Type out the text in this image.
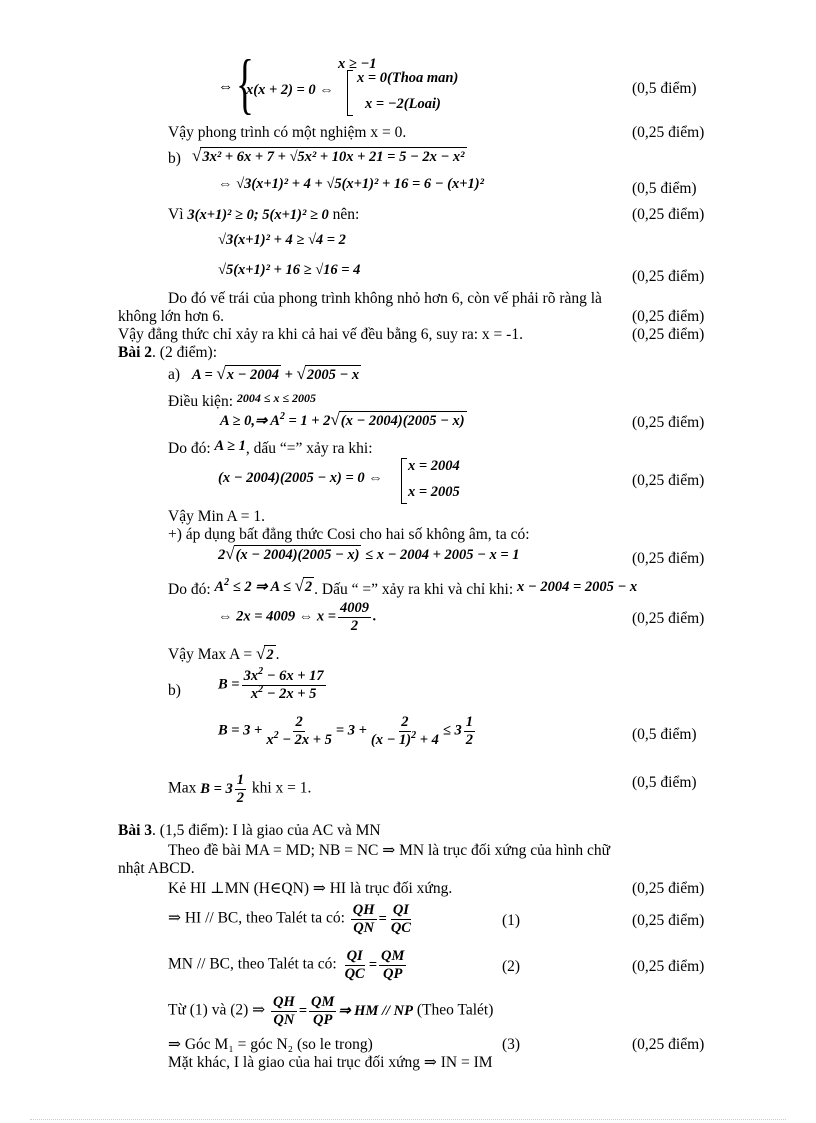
⇔ {	x ≥ −1
x(x + 2) = 0 ⇔
x = 0(Thoa man)
x = −2(Loai)
(0,5 điểm)
Vậy phong trình có một nghiệm x = 0.	(0,25 điểm)
b)
√	3x² + 6x + 7 + √5x² + 10x + 21 = 5 − 2x − x²
⇔ √3(x+1)² + 4 + √5(x+1)² + 16 = 6 − (x+1)²	(0,5 điểm)
Vì 3(x+1)² ≥ 0; 5(x+1)² ≥ 0 nên:	(0,25 điểm)
√3(x+1)² + 4 ≥ √4 = 2
√5(x+1)² + 16 ≥ √16 = 4	(0,25 điểm)
Do đó vế trái của phong trình không nhỏ hơn 6, còn vế phải rõ ràng là
không lớn hơn 6.	(0,25 điểm)
Vậy đẳng thức chỉ xảy ra khi cả hai vế đều bằng 6, suy ra: x = -1.	(0,25 điểm)
Bài 2. (2 điểm):
a) A = √ x − 2004 + √ 2005 − x
Điều kiện: $^{2004 \le x \le 2005}$
A ≥ 0,⇒ $A^2 = 1 + 2√$ (x − 2004)(2005 − x)	(0,25 điểm)
Do đó: A ≥ 1, dấu “=” xảy ra khi:
(x − 2004)(2005 − x) = 0 ⇔
x = 2004
x = 2005
(0,25 điểm)
Vậy Min A = 1.
+) áp dụng bất đẳng thức Cosi cho hai số không âm, ta có:
2√ (x − 2004)(2005 − x) ≤ x − 2004 + 2005 − x = 1	(0,25 điểm)
Do đó: $A^2 \le 2$ ⇒ A ≤ √ 2 . Dấu “ =” xảy ra khi và chỉ khi: x − 2004 = 2005 − x
⇔ 2x = 4009 ⇔ $x = \frac{4009}{2}$ .	(0,25 điểm)
Vậy Max A = √ 2 .
b)	$B = \frac{3x^2 - 6x + 17}{x^2 - 2x + 5}$
$B = 3 + \frac{2}{x^2 - 2x + 5} = 3 + \frac{2}{(x - 1)^2 + 4} \le 3 \frac{1}{2}$	(0,5 điểm)
Max $B = 3 \frac{1}{2}$ khi x = 1.	(0,5 điểm)
Bài 3. (1,5 điểm): I là giao của AC và MN
Theo đề bài MA = MD; NB = NC ⇒ MN là trục đối xứng của hình chữ
nhật ABCD.
Kẻ HI ⊥MN (H∈QN) ⇒ HI là trục đối xứng.	(0,25 điểm)
⇒ HI // BC, theo Talét ta có: $\frac{QH}{QN} = \frac{QI}{QC}$	(1)	(0,25 điểm)
MN // BC, theo Talét ta có: $\frac{QI}{QC} = \frac{QM}{QP}$	(2)	(0,25 điểm)
Từ (1) và (2) ⇒ $\frac{QH}{QN} = \frac{QM}{QP}$ ⇒ HM // NP (Theo Talét)
⇒ Góc M₁ = góc N₂ (so le trong)	(3)	(0,25 điểm)
Mặt khác, I là giao của hai trục đối xứng ⇒ IN = IM
